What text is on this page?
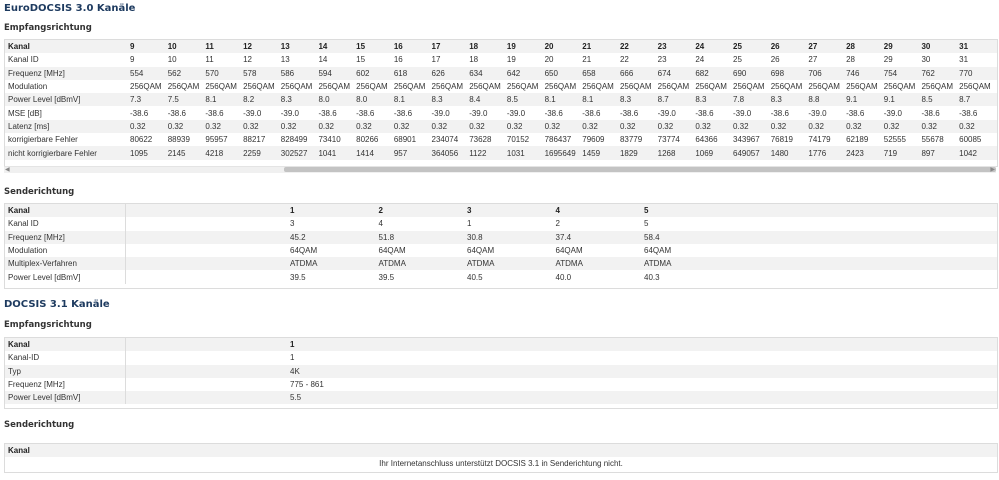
EuroDOCSIS 3.0 Kanäle
Empfangsrichtung
Kanal	9	10	11	12	13	14	15	16	17	18	19	20	21	22	23	24	25	26	27	28	29	30	31	
Kanal ID	9	10	11	12	13	14	15	16	17	18	19	20	21	22	23	24	25	26	27	28	29	30	31	
Frequenz [MHz]	554	562	570	578	586	594	602	618	626	634	642	650	658	666	674	682	690	698	706	746	754	762	770	
Modulation	256QAM	256QAM	256QAM	256QAM	256QAM	256QAM	256QAM	256QAM	256QAM	256QAM	256QAM	256QAM	256QAM	256QAM	256QAM	256QAM	256QAM	256QAM	256QAM	256QAM	256QAM	256QAM	256QAM	
Power Level [dBmV]	7.3	7.5	8.1	8.2	8.3	8.0	8.0	8.1	8.3	8.4	8.5	8.1	8.1	8.3	8.7	8.3	7.8	8.3	8.8	9.1	9.1	8.5	8.7	
MSE [dB]	-38.6	-38.6	-38.6	-39.0	-39.0	-38.6	-38.6	-38.6	-39.0	-39.0	-39.0	-38.6	-38.6	-38.6	-39.0	-38.6	-39.0	-38.6	-39.0	-38.6	-39.0	-38.6	-38.6	
Latenz [ms]	0.32	0.32	0.32	0.32	0.32	0.32	0.32	0.32	0.32	0.32	0.32	0.32	0.32	0.32	0.32	0.32	0.32	0.32	0.32	0.32	0.32	0.32	0.32	
korrigierbare Fehler	80622	88939	95957	88217	828499	73410	80266	68901	234074	73628	70152	786437	79609	83779	73774	64366	343967	76819	74179	62189	52555	55678	60085	
nicht korrigierbare Fehler	1095	2145	4218	2259	302527	1041	1414	957	364056	1122	1031	1695649	1459	1829	1268	1069	649057	1480	1776	2423	719	897	1042	
◀	▶
Senderichtung
Kanal		1	2	3	4	5	
Kanal ID		3	4	1	2	5	
Frequenz [MHz]		45.2	51.8	30.8	37.4	58.4	
Modulation		64QAM	64QAM	64QAM	64QAM	64QAM	
Multiplex-Verfahren		ATDMA	ATDMA	ATDMA	ATDMA	ATDMA	
Power Level [dBmV]		39.5	39.5	40.5	40.0	40.3	
DOCSIS 3.1 Kanäle
Empfangsrichtung
Kanal		1	
Kanal-ID		1	
Typ		4K	
Frequenz [MHz]		775 - 861	
Power Level [dBmV]		5.5	
Senderichtung
Kanal
Ihr Internetanschluss unterstützt DOCSIS 3.1 in Senderichtung nicht.
